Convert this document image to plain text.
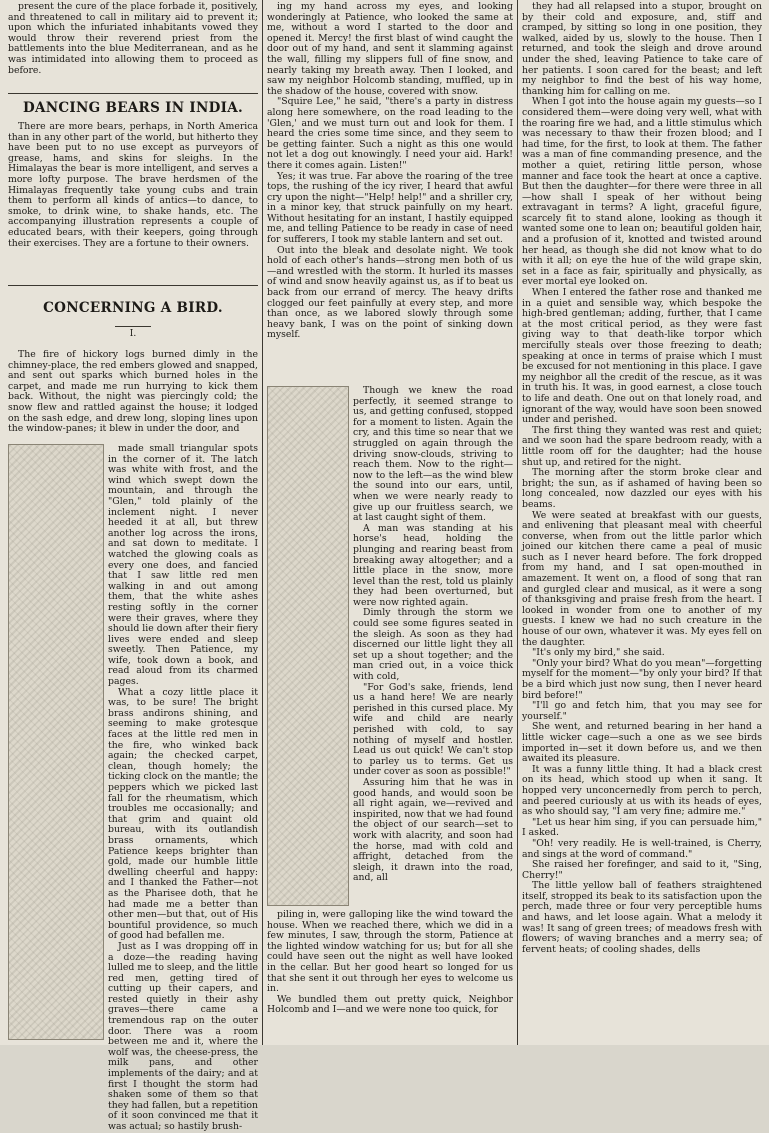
present the cure of the place forbade it, positively, and threatened to call in military aid to prevent it; upon which the infuriated inhabitants vowed they would throw their reverend priest from the battlements into the blue Mediterranean, and as he was intimidated into allowing them to proceed as before.

DANCING BEARS IN INDIA.

There are more bears, perhaps, in North America than in any other part of the world, but hitherto they have been put to no use except as purveyors of grease, hams, and skins for sleighs. In the Himalayas the bear is more intelligent, and serves a more lofty purpose. The brave herdsmen of the Himalayas frequently take young cubs and train them to perform all kinds of antics—to dance, to smoke, to drink wine, to shake hands, etc. The accompanying illustration represents a couple of educated bears, with their keepers, going through their exercises. They are a fortune to their owners.

CONCERNING A BIRD.
I.

The fire of hickory logs burned dimly in the chimney-place, the red embers glowed and snapped, and sent out sparks which burned holes in the carpet, and made me run hurrying to kick them back. Without, the night was piercingly cold; the snow flew and rattled against the house; it lodged on the sash edge, and drew long, sloping lines upon the window-panes; it blew in under the door, and

made small triangular spots in the corner of it. The latch was white with frost, and the wind which swept down the mountain, and through the "Glen," told plainly of the inclement night. I never heeded it at all, but threw another log across the irons, and sat down to meditate. I watched the glowing coals as every one does, and fancied that I saw little red men walking in and out among them, that the white ashes resting softly in the corner were their graves, where they should lie down after their fiery lives were ended and sleep sweetly. Then Patience, my wife, took down a book, and read aloud from its charmed pages.

What a cozy little place it was, to be sure! The bright brass andirons shining, and seeming to make grotesque faces at the little red men in the fire, who winked back again; the checked carpet, clean, though homely; the ticking clock on the mantle; the peppers which we picked last fall for the rheumatism, which troubles me occasionally; and that grim and quaint old bureau, with its outlandish brass ornaments, which Patience keeps brighter than gold, made our humble little dwelling cheerful and happy: and I thanked the Father—not as the Pharisee doth, that he had made me a better than other men—but that, out of His bountiful providence, so much of good had befallen me.

Just as I was dropping off in a doze—the reading having lulled me to sleep, and the little red men, getting tired of cutting up their capers, and rested quietly in their ashy graves—there came a tremendous rap on the outer door. There was a room between me and it, where the wolf was, the cheese-press, the milk pans, and other implements of the dairy; and at first I thought the storm had shaken some of them so that they had fallen, but a repetition of it soon convinced me that it was actual; so hastily brush-

ing my hand across my eyes, and looking wonderingly at Patience, who looked the same at me, without a word I started to the door and opened it. Mercy! the first blast of wind caught the door out of my hand, and sent it slamming against the wall, filling my slippers full of fine snow, and nearly taking my breath away. Then I looked, and saw my neighbor Holcomb standing, muffled, up in the shadow of the house, covered with snow.

"Squire Lee," he said, "there's a party in distress along here somewhere, on the road leading to the 'Glen,' and we must turn out and look for them. I heard the cries some time since, and they seem to be getting fainter. Such a night as this one would not let a dog out knowingly. I need your aid. Hark! there it comes again. Listen!"

Yes; it was true. Far above the roaring of the tree tops, the rushing of the icy river, I heard that awful cry upon the night—"Help! help!" and a shriller cry, in a minor key, that struck painfully on my heart. Without hesitating for an instant, I hastily equipped me, and telling Patience to be ready in case of need for sufferers, I took my stable lantern and set out.

Out into the bleak and desolate night. We took hold of each other's hands—strong men both of us—and wrestled with the storm. It hurled its masses of wind and snow heavily against us, as if to beat us back from our errand of mercy. The heavy drifts clogged our feet painfully at every step, and more than once, as we labored slowly through some heavy bank, I was on the point of sinking down myself.

Though we knew the road perfectly, it seemed strange to us, and getting confused, stopped for a moment to listen. Again the cry, and this time so near that we struggled on again through the driving snow-clouds, striving to reach them. Now to the right—now to the left—as the wind blew the sound into our ears, until, when we were nearly ready to give up our fruitless search, we at last caught sight of them.

A man was standing at his horse's head, holding the plunging and rearing beast from breaking away altogether; and a little place in the snow, more level than the rest, told us plainly they had been overturned, but were now righted again.

Dimly through the storm we could see some figures seated in the sleigh. As soon as they had discerned our little light they all set up a shout together; and the man cried out, in a voice thick with cold,

"For God's sake, friends, lend us a hand here! We are nearly perished in this cursed place. My wife and child are nearly perished with cold, to say nothing of myself and hostler. Lead us out quick! We can't stop to parley us to terms. Get us under cover as soon as possible!"

Assuring him that he was in good hands, and would soon be all right again, we—revived and inspirited, now that we had found the object of our search—set to work with alacrity, and soon had the horse, mad with cold and affright, detached from the sleigh, it drawn into the road, and, all

piling in, were galloping like the wind toward the house. When we reached there, which we did in a few minutes, I saw, through the storm, Patience at the lighted window watching for us; but for all she could have seen out the night as well have looked in the cellar. But her good heart so longed for us that she sent it out through her eyes to welcome us in.

We bundled them out pretty quick, Neighbor Holcomb and I—and we were none too quick, for

they had all relapsed into a stupor, brought on by their cold and exposure, and, stiff and cramped, by sitting so long in one position, they walked, aided by us, slowly to the house. Then I returned, and took the sleigh and drove around under the shed, leaving Patience to take care of her patients. I soon cared for the beast; and left my neighbor to find the best of his way home, thanking him for calling on me.

When I got into the house again my guests—so I considered them—were doing very well, what with the roaring fire we had, and a little stimulus which was necessary to thaw their frozen blood; and I had time, for the first, to look at them. The father was a man of fine commanding presence, and the mother a quiet, retiring little person, whose manner and face took the heart at once a captive. But then the daughter—for there were three in all—how shall I speak of her without being extravagant in terms? A light, graceful figure, scarcely fit to stand alone, looking as though it wanted some one to lean on; beautiful golden hair, and a profusion of it, knotted and twisted around her head, as though she did not know what to do with it all; on eye the hue of the wild grape skin, set in a face as fair, spiritually and physically, as ever mortal eye looked on.

When I entered the father rose and thanked me in a quiet and sensible way, which bespoke the high-bred gentleman; adding, further, that I came at the most critical period, as they were fast giving way to that death-like torpor which mercifully steals over those freezing to death; speaking at once in terms of praise which I must be excused for not mentioning in this place. I gave my neighbor all the credit of the rescue, as it was in truth his. It was, in good earnest, a close touch to life and death. One out on that lonely road, and ignorant of the way, would have soon been snowed under and perished.

The first thing they wanted was rest and quiet; and we soon had the spare bedroom ready, with a little room off for the daughter; had the house shut up, and retired for the night.

The morning after the storm broke clear and bright; the sun, as if ashamed of having been so long concealed, now dazzled our eyes with his beams.

We were seated at breakfast with our guests, and enlivening that pleasant meal with cheerful converse, when from out the little parlor which joined our kitchen there came a peal of music such as I never heard before. The fork dropped from my hand, and I sat open-mouthed in amazement. It went on, a flood of song that ran and gurgled clear and musical, as it were a song of thanksgiving and praise fresh from the heart. I looked in wonder from one to another of my guests. I knew we had no such creature in the house of our own, whatever it was. My eyes fell on the daughter.

"It's only my bird," she said.

"Only your bird? What do you mean"—forgetting myself for the moment—"by only your bird? If that be a bird which just now sung, then I never heard bird before!"

"I'll go and fetch him, that you may see for yourself."

She went, and returned bearing in her hand a little wicker cage—such a one as we see birds imported in—set it down before us, and we then awaited its pleasure.

It was a funny little thing. It had a black crest on its head, which stood up when it sang. It hopped very unconcernedly from perch to perch, and peered curiously at us with its heads of eyes, as who should say, "I am very fine; admire me."

"Let us hear him sing, if you can persuade him," I asked.

"Oh! very readily. He is well-trained, is Cherry, and sings at the word of command."

She raised her forefinger, and said to it, "Sing, Cherry!"

The little yellow ball of feathers straightened itself, stropped its beak to its satisfaction upon the perch, made three or four very perceptible hums and haws, and let loose again. What a melody it was! It sang of green trees; of meadows fresh with flowers; of waving branches and a merry sea; of fervent heats; of cooling shades, dells
